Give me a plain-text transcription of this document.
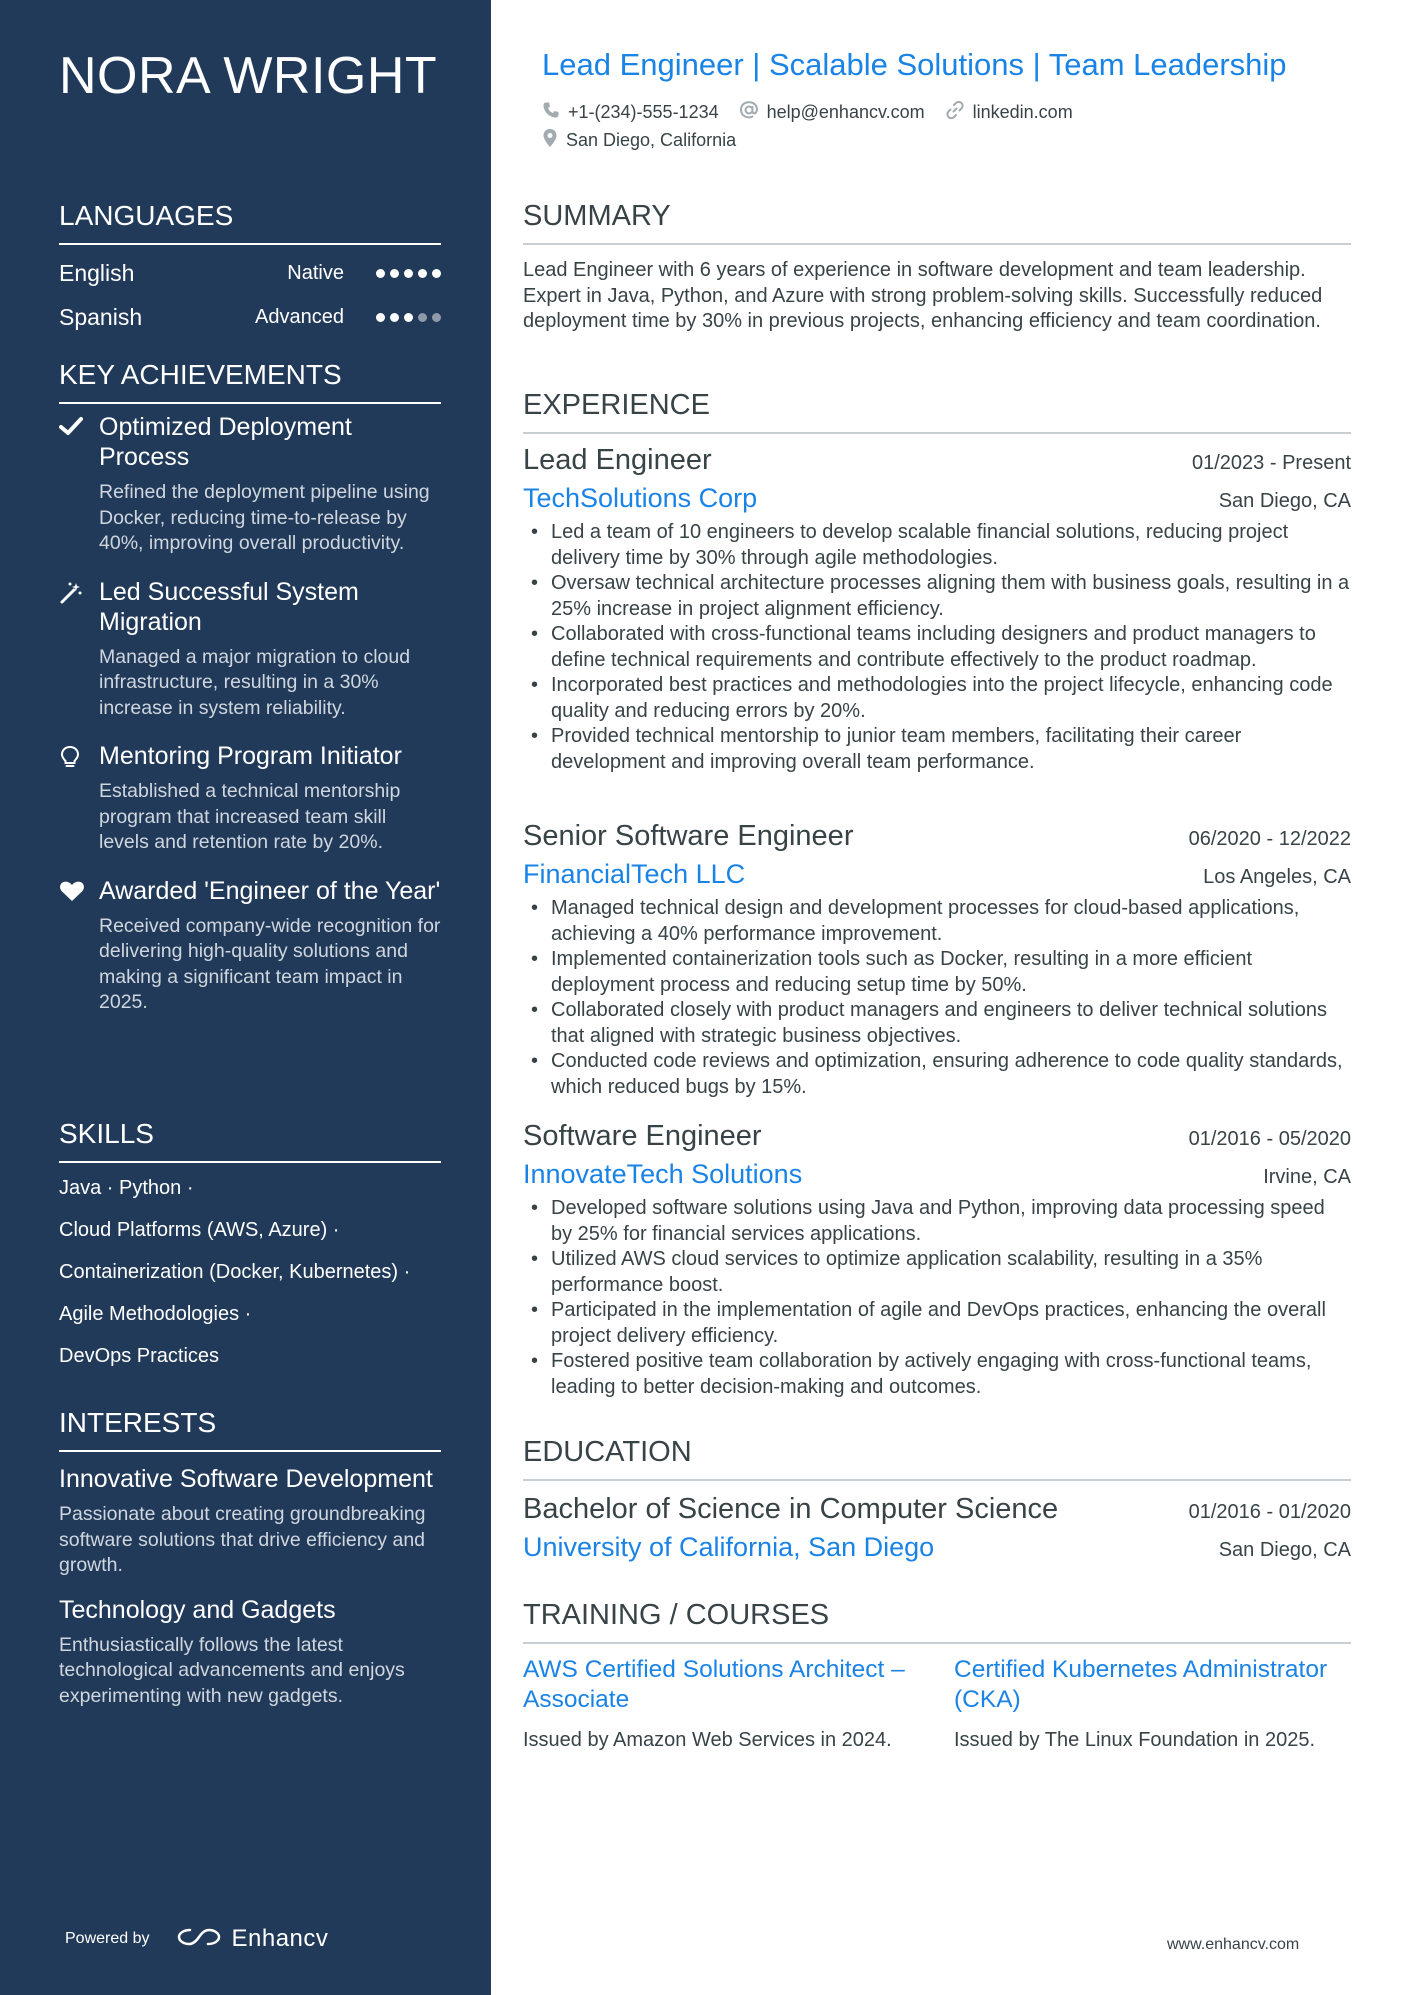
NORA WRIGHT
LANGUAGES
English	Native
Spanish	Advanced
KEY ACHIEVEMENTS
Optimized Deployment Process
Refined the deployment pipeline using Docker, reducing time-to-release by 40%, improving overall productivity.
Led Successful System Migration
Managed a major migration to cloud infrastructure, resulting in a 30% increase in system reliability.
Mentoring Program Initiator
Established a technical mentorship program that increased team skill levels and retention rate by 20%.
Awarded 'Engineer of the Year'
Received company-wide recognition for delivering high-quality solutions and making a significant team impact in 2025.
SKILLS
Java · Python ·
Cloud Platforms (AWS, Azure) ·
Containerization (Docker, Kubernetes) ·
Agile Methodologies ·
DevOps Practices
INTERESTS
Innovative Software Development
Passionate about creating groundbreaking software solutions that drive efficiency and growth.
Technology and Gadgets
Enthusiastically follows the latest technological advancements and enjoys experimenting with new gadgets.
Powered by	Enhancv
Lead Engineer | Scalable Solutions | Team Leadership
+1-(234)-555-1234	help@enhancv.com	linkedin.com
San Diego, California
SUMMARY
Lead Engineer with 6 years of experience in software development and team leadership. Expert in Java, Python, and Azure with strong problem-solving skills. Successfully reduced deployment time by 30% in previous projects, enhancing efficiency and team coordination.
EXPERIENCE
Lead Engineer	01/2023 - Present
TechSolutions Corp	San Diego, CA
• Led a team of 10 engineers to develop scalable financial solutions, reducing project delivery time by 30% through agile methodologies.
• Oversaw technical architecture processes aligning them with business goals, resulting in a 25% increase in project alignment efficiency.
• Collaborated with cross-functional teams including designers and product managers to define technical requirements and contribute effectively to the product roadmap.
• Incorporated best practices and methodologies into the project lifecycle, enhancing code quality and reducing errors by 20%.
• Provided technical mentorship to junior team members, facilitating their career development and improving overall team performance.
Senior Software Engineer	06/2020 - 12/2022
FinancialTech LLC	Los Angeles, CA
• Managed technical design and development processes for cloud-based applications, achieving a 40% performance improvement.
• Implemented containerization tools such as Docker, resulting in a more efficient deployment process and reducing setup time by 50%.
• Collaborated closely with product managers and engineers to deliver technical solutions that aligned with strategic business objectives.
• Conducted code reviews and optimization, ensuring adherence to code quality standards, which reduced bugs by 15%.
Software Engineer	01/2016 - 05/2020
InnovateTech Solutions	Irvine, CA
• Developed software solutions using Java and Python, improving data processing speed by 25% for financial services applications.
• Utilized AWS cloud services to optimize application scalability, resulting in a 35% performance boost.
• Participated in the implementation of agile and DevOps practices, enhancing the overall project delivery efficiency.
• Fostered positive team collaboration by actively engaging with cross-functional teams, leading to better decision-making and outcomes.
EDUCATION
Bachelor of Science in Computer Science	01/2016 - 01/2020
University of California, San Diego	San Diego, CA
TRAINING / COURSES
AWS Certified Solutions Architect – Associate
Issued by Amazon Web Services in 2024.
Certified Kubernetes Administrator (CKA)
Issued by The Linux Foundation in 2025.
www.enhancv.com
